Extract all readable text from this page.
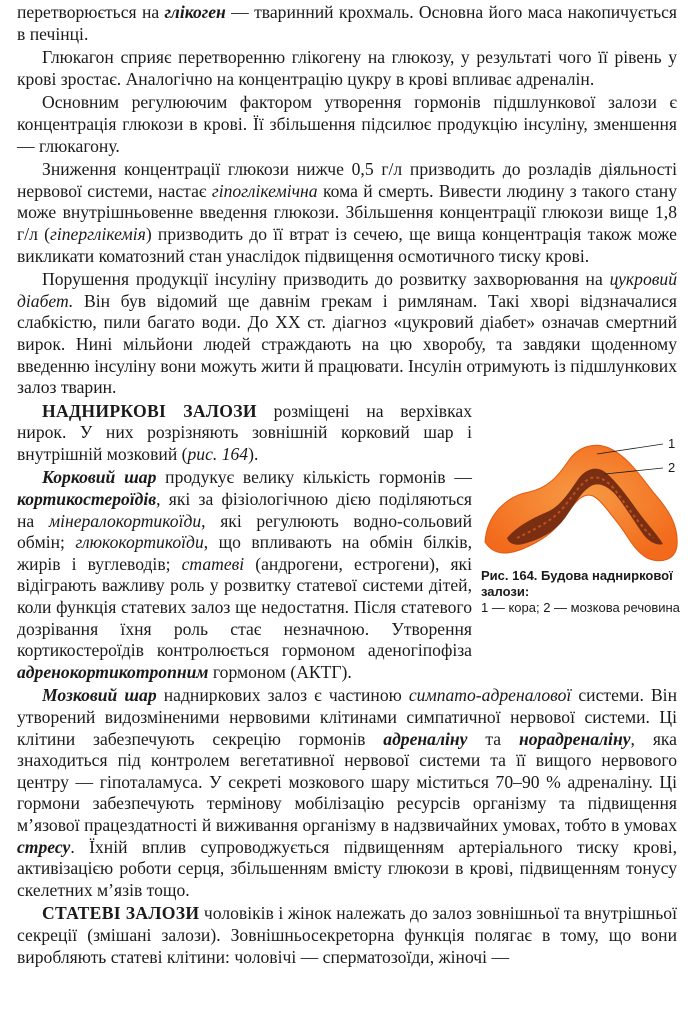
перетворюється на глікоген — тваринний крохмаль. Основна його маса накопичується в печінці.

Глюкагон сприяє перетворенню глікогену на глюкозу, у результаті чого її рівень у крові зростає. Аналогічно на концентрацію цукру в крові впливає адреналін.

Основним регулюючим фактором утворення гормонів підшлункової залози є концентрація глюкози в крові. Її збільшення підсилює продукцію інсуліну, зменшення — глюкагону.

Зниження концентрації глюкози нижче 0,5 г/л призводить до розладів діяльності нервової системи, настає гіпоглікемічна кома й смерть. Вивести людину з такого стану може внутрішньовенне введення глюкози. Збільшення концентрації глюкози вище 1,8 г/л (гіперглікемія) призводить до її втрат із сечею, ще вища концентрація також може викликати коматозний стан унаслідок підвищення осмотичного тиску крові.

Порушення продукції інсуліну призводить до розвитку захворювання на цукровий діабет. Він був відомий ще давнім грекам і римлянам. Такі хворі відзначалися слабкістю, пили багато води. До XX ст. діагноз «цукровий діабет» означав смертний вирок. Нині мільйони людей страждають на цю хворобу, та завдяки щоденному введенню інсуліну вони можуть жити й працювати. Інсулін отримують із підшлункових залоз тварин.

НАДНИРКОВІ ЗАЛОЗИ розміщені на верхівках нирок. У них розрізняють зовнішній корковий шар і внутрішній мозковий (рис. 164).

Корковий шар продукує велику кількість гормонів — кортикостероїдів, які за фізіологічною дією поділяються на мінералокортикоїди, які регулюють водно-сольовий обмін; глюкокортикоїди, що впливають на обмін білків, жирів і вуглеводів; статеві (андрогени, естрогени), які відіграють важливу роль у розвитку статевої системи дітей, коли функція статевих залоз ще недостатня. Після статевого дозрівання їхня роль стає незначною. Утворення кортикостероїдів контролюється гормоном аденогіпофіза адренокортикотропним гормоном (АКТГ).

Мозковий шар надниркових залоз є частиною симпато-адреналової системи. Він утворений видозміненими нервовими клітинами симпатичної нервової системи. Ці клітини забезпечують секрецію гормонів адреналіну та норадреналіну, яка знаходиться під контролем вегетативної нервової системи та її вищого нервового центру — гіпоталамуса. У секреті мозкового шару міститься 70–90 % адреналіну. Ці гормони забезпечують термінову мобілізацію ресурсів організму та підвищення м’язової працездатності й виживання організму в надзвичайних умовах, тобто в умовах стресу. Їхній вплив супроводжується підвищенням артеріального тиску крові, активізацією роботи серця, збільшенням вмісту глюкози в крові, підвищенням тонусу скелетних м’язів тощо.

СТАТЕВІ ЗАЛОЗИ чоловіків і жінок належать до залоз зовнішньої та внутрішньої секреції (змішані залози). Зовнішньосекреторна функція полягає в тому, що вони виробляють статеві клітини: чоловічі — сперматозоїди, жіночі —

1
2
Рис. 164. Будова надниркової залози:
1 — кора; 2 — мозкова речовина
